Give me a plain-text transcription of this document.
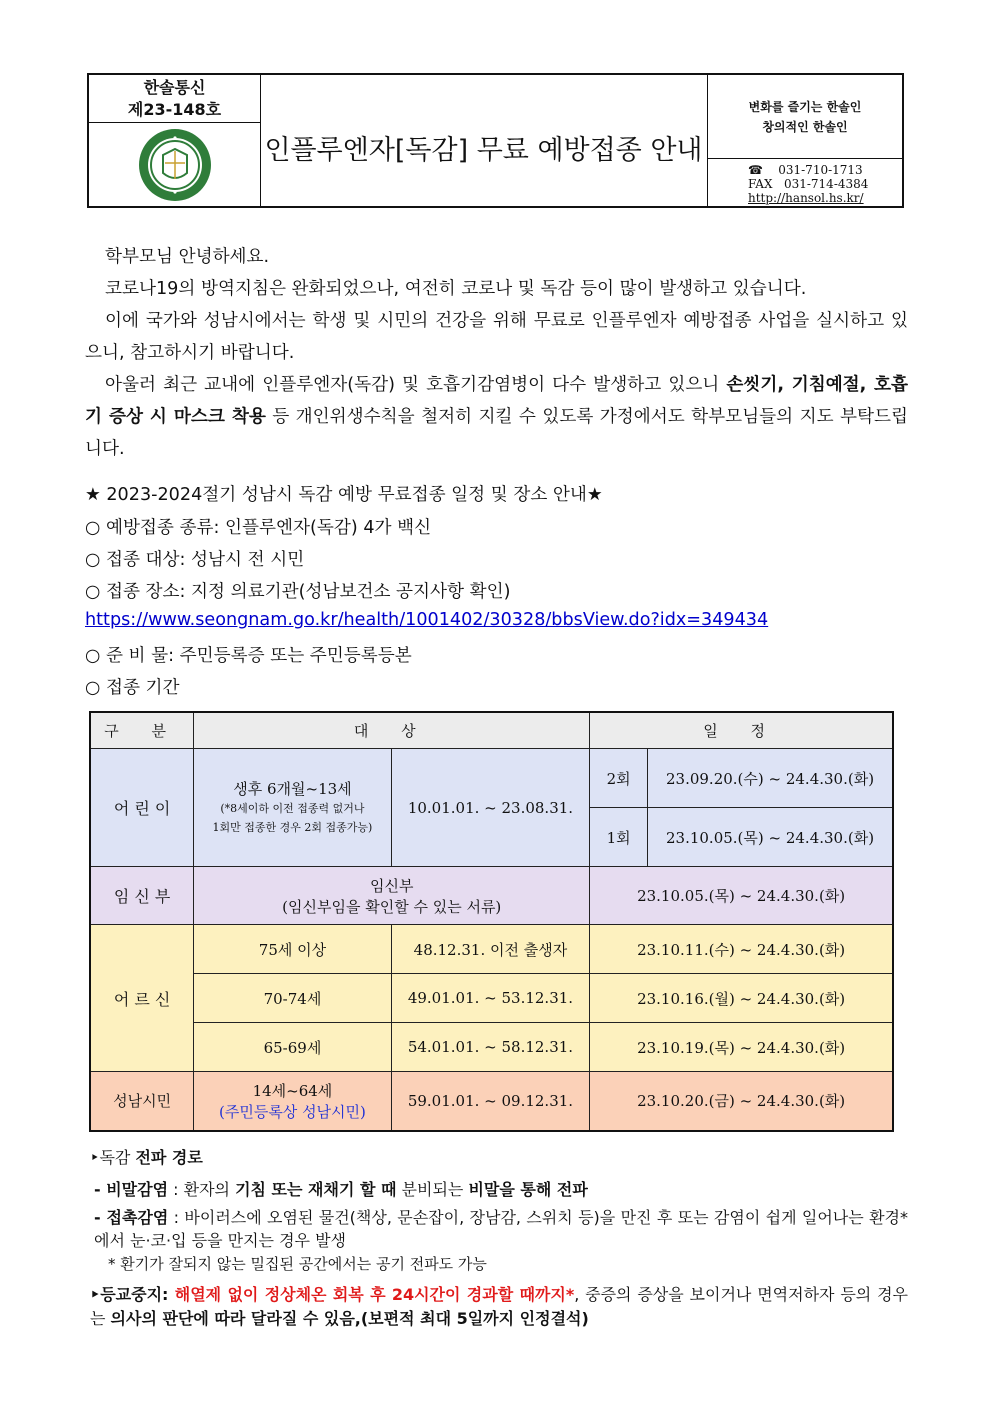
한솔통신
제23-148호
인플루엔자[독감] 무료 예방접종 안내
변화를 즐기는 한솔인
창의적인 한솔인
☎ 031-710-1713
FAX 031-714-4384
http://hansol.hs.kr/

학부모님 안녕하세요.

코로나19의 방역지침은 완화되었으나, 여전히 코로나 및 독감 등이 많이 발생하고 있습니다.

이에 국가와 성남시에서는 학생 및 시민의 건강을 위해 무료로 인플루엔자 예방접종 사업을 실시하고 있으니, 참고하시기 바랍니다.

아울러 최근 교내에 인플루엔자(독감) 및 호흡기감염병이 다수 발생하고 있으니 손씻기, 기침예절, 호흡기 증상 시 마스크 착용 등 개인위생수칙을 철저히 지킬 수 있도록 가정에서도 학부모님들의 지도 부탁드립니다.

★ 2023-2024절기 성남시 독감 예방 무료접종 일정 및 장소 안내★
○ 예방접종 종류: 인플루엔자(독감) 4가 백신
○ 접종 대상: 성남시 전 시민
○ 접종 장소: 지정 의료기관(성남보건소 공지사항 확인)
https://www.seongnam.go.kr/health/1001402/30328/bbsView.do?idx=349434
○ 준 비 물: 주민등록증 또는 주민등록등본
○ 접종 기간
구 분	대 상		일 정	
어 린 이	생후 6개월~13세
(*8세이하 이전 접종력 없거나
1회만 접종한 경우 2회 접종가능)	10.01.01. ~ 23.08.31.	2회	23.09.20.(수) ~ 24.4.30.(화)
			1회	23.10.05.(목) ~ 24.4.30.(화)
임 신 부	임신부
(임신부임을 확인할 수 있는 서류)		23.10.05.(목) ~ 24.4.30.(화)	
어 르 신	75세 이상	48.12.31. 이전 출생자	23.10.11.(수) ~ 24.4.30.(화)	
	70-74세	49.01.01. ~ 53.12.31.	23.10.16.(월) ~ 24.4.30.(화)	
	65-69세	54.01.01. ~ 58.12.31.	23.10.19.(목) ~ 24.4.30.(화)	
성남시민	14세~64세
(주민등록상 성남시민)	59.01.01. ~ 09.12.31.	23.10.20.(금) ~ 24.4.30.(화)	
‣독감 전파 경로
- 비말감염 : 환자의 기침 또는 재채기 할 때 분비되는 비말을 통해 전파
- 접촉감염 : 바이러스에 오염된 물건(책상, 문손잡이, 장남감, 스위치 등)을 만진 후 또는 감염이 쉽게 일어나는 환경*에서 눈·코·입 등을 만지는 경우 발생
* 환기가 잘되지 않는 밀집된 공간에서는 공기 전파도 가능
‣등교중지: 해열제 없이 정상체온 회복 후 24시간이 경과할 때까지*, 중증의 증상을 보이거나 면역저하자 등의 경우는 의사의 판단에 따라 달라질 수 있음,(보편적 최대 5일까지 인정결석)
